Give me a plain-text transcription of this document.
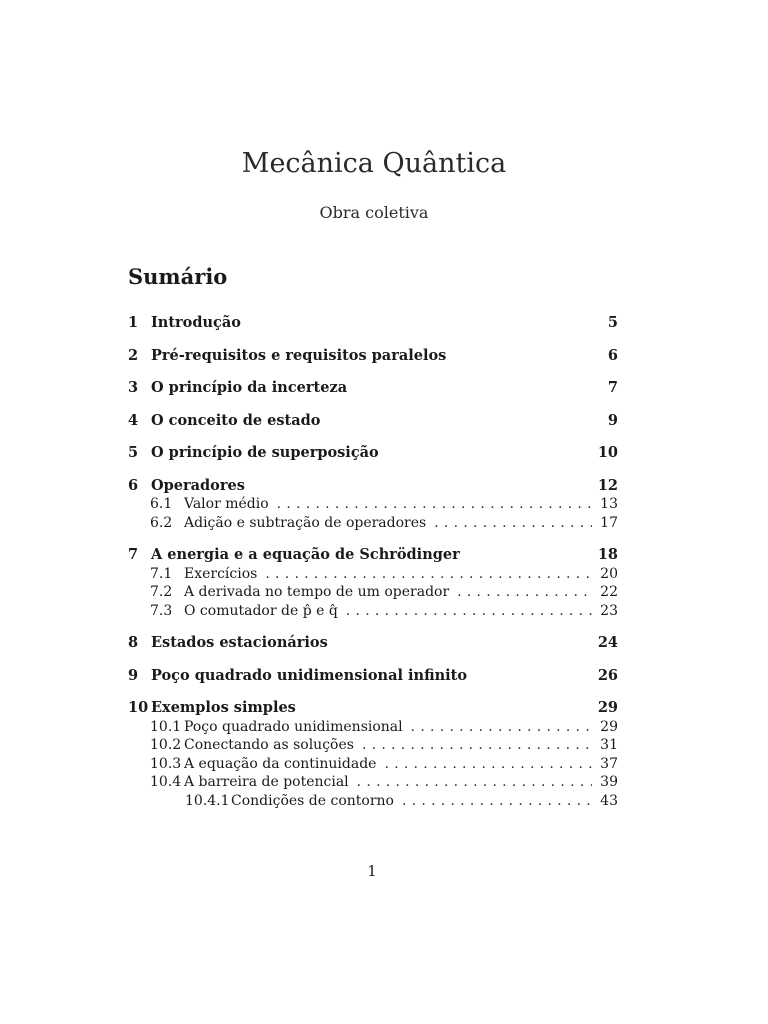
Mecânica Quântica
Obra coletiva
Sumário
1 Introdução	5
2 Pré-requisitos e requisitos paralelos	6
3 O princípio da incerteza	7
4 O conceito de estado	9
5 O princípio de superposição	10
6 Operadores	12
6.1 Valor médio . . .	13
6.2 Adição e subtração de operadores . . .	17
7 A energia e a equação de Schrödinger	18
7.1 Exercícios . . .	20
7.2 A derivada no tempo de um operador . . .	22
7.3 O comutador de p̂ e q̂ . . .	23
8 Estados estacionários	24
9 Poço quadrado unidimensional infinito	26
10 Exemplos simples	29
10.1 Poço quadrado unidimensional . . .	29
10.2 Conectando as soluções . . .	31
10.3 A equação da continuidade . . .	37
10.4 A barreira de potencial . . .	39
10.4.1 Condições de contorno . . .	43
1
